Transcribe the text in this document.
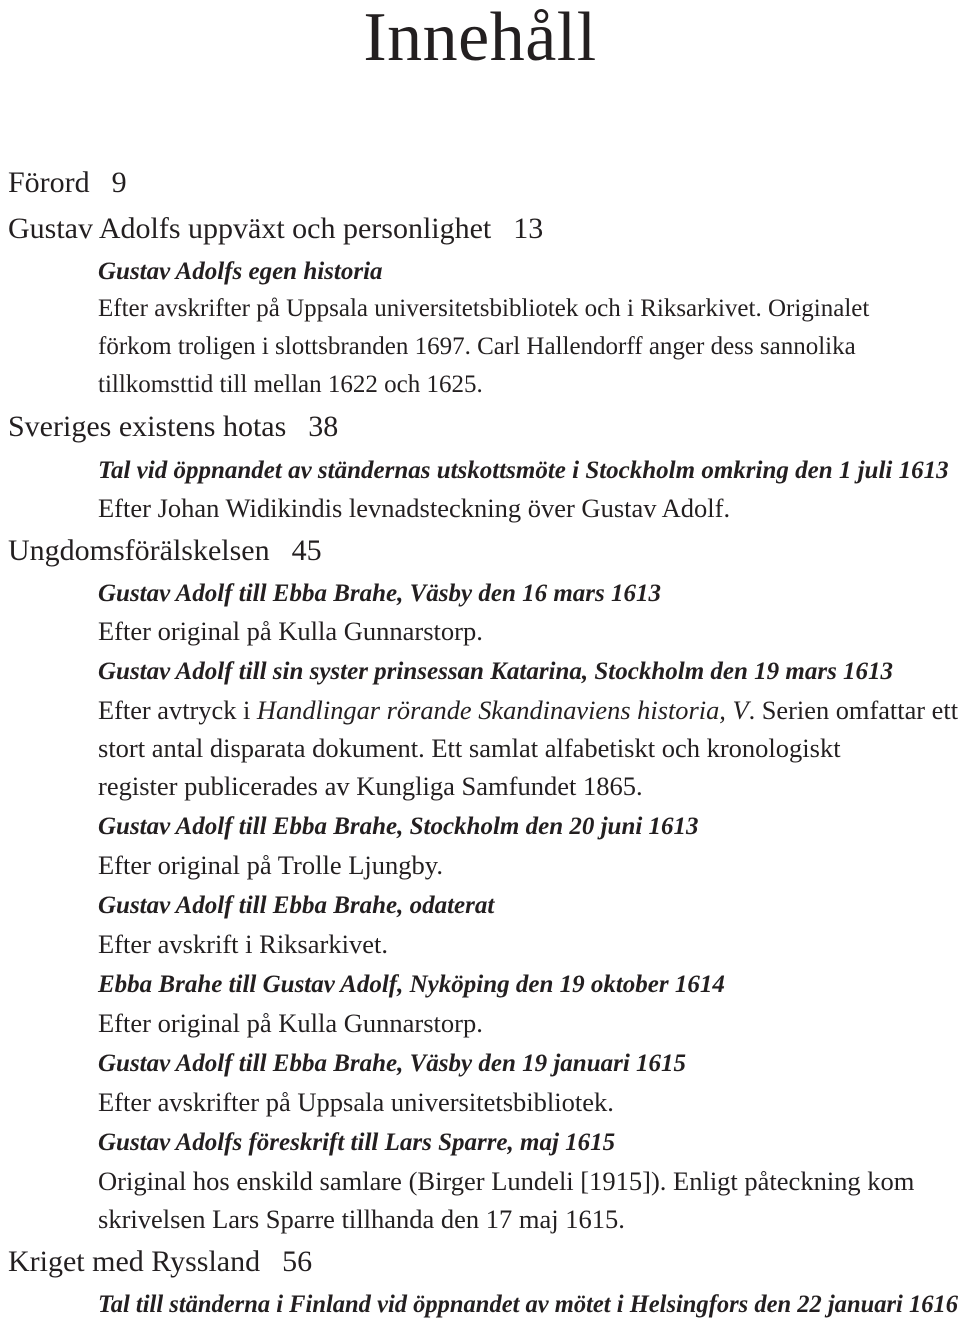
Innehåll
Förord 9
Gustav Adolfs uppväxt och personlighet 13
Gustav Adolfs egen historia
Efter avskrifter på Uppsala universitetsbibliotek och i Riksarkivet. Originalet
förkom troligen i slottsbranden 1697. Carl Hallendorff anger dess sannolika
tillkomsttid till mellan 1622 och 1625.
Sveriges existens hotas 38
Tal vid öppnandet av ständernas utskottsmöte i Stockholm omkring den 1 juli 1613
Efter Johan Widikindis levnadsteckning över Gustav Adolf.
Ungdomsförälskelsen 45
Gustav Adolf till Ebba Brahe, Väsby den 16 mars 1613
Efter original på Kulla Gunnarstorp.
Gustav Adolf till sin syster prinsessan Katarina, Stockholm den 19 mars 1613
Efter avtryck i Handlingar rörande Skandinaviens historia, V. Serien omfattar ett
stort antal disparata dokument. Ett samlat alfabetiskt och kronologiskt
register publicerades av Kungliga Samfundet 1865.
Gustav Adolf till Ebba Brahe, Stockholm den 20 juni 1613
Efter original på Trolle Ljungby.
Gustav Adolf till Ebba Brahe, odaterat
Efter avskrift i Riksarkivet.
Ebba Brahe till Gustav Adolf, Nyköping den 19 oktober 1614
Efter original på Kulla Gunnarstorp.
Gustav Adolf till Ebba Brahe, Väsby den 19 januari 1615
Efter avskrifter på Uppsala universitetsbibliotek.
Gustav Adolfs föreskrift till Lars Sparre, maj 1615
Original hos enskild samlare (Birger Lundeli [1915]). Enligt påteckning kom
skrivelsen Lars Sparre tillhanda den 17 maj 1615.
Kriget med Ryssland 56
Tal till ständerna i Finland vid öppnandet av mötet i Helsingfors den 22 januari 1616
